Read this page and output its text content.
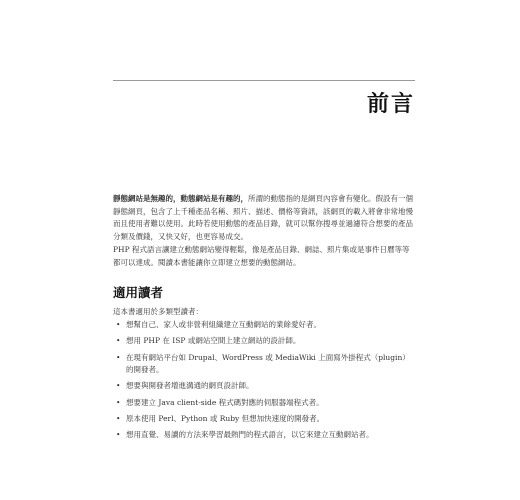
前言

靜態網站是無趣的，動態網站是有趣的，所謂的動態指的是網頁內容會有變化。假設有一個靜態網頁，包含了上千種產品名稱、照片、描述、價格等資訊，該網頁的載入將會非常地慢而且使用者難以使用。此時若使用動態的產品目錄，就可以幫你搜尋並過濾符合想要的產品分類及價錢，又快又好，也更容易成交。

PHP 程式語言讓建立動態網站變得輕鬆，像是產品目錄、網誌、照片集或是事件日曆等等都可以達成。閱讀本書能讓你立即建立想要的動態網站。

適用讀者

這本書適用於多類型讀者：

• 想幫自己、家人或非營利組織建立互動網站的業餘愛好者。
• 想用 PHP 在 ISP 或網站空間上建立網站的設計師。
• 在現有網站平台如 Drupal、WordPress 或 MediaWiki 上面寫外掛程式（plugin）的開發者。
• 想要與開發者增進溝通的網頁設計師。
• 想要建立 Java client-side 程式碼對應的伺服器端程式者。
• 原本使用 Perl、Python 或 Ruby 但想加快速度的開發者。
• 想用直覺、易讀的方法來學習最熱門的程式語言，以它來建立互動網站者。
